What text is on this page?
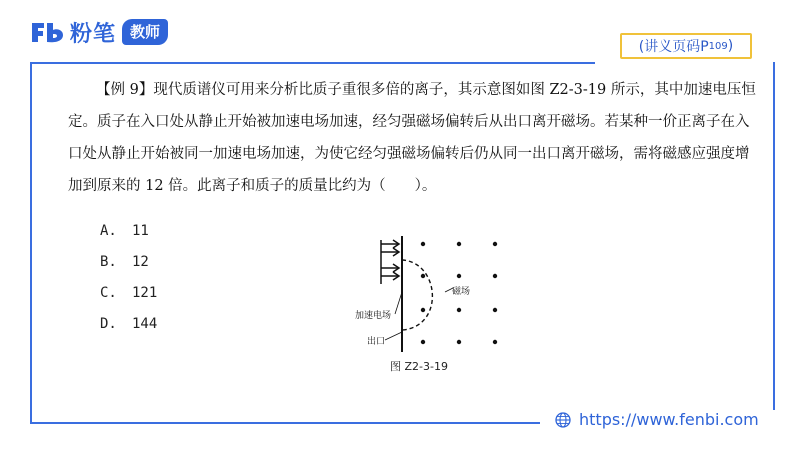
粉笔 教师
(讲义页码P 109 )

【例 9】现代质谱仪可用来分析比质子重很多倍的离子，其示意图如图 Z2-3-19 所示，其中加速电压恒定。质子在入口处从静止开始被加速电场加速，经匀强磁场偏转后从出口离开磁场。若某种一价正离子在入口处从静止开始被同一加速电场加速，为使它经匀强磁场偏转后仍从同一出口离开磁场，需将磁感应强度增加到原来的 12 倍。此离子和质子的质量比约为（　　）。

A.	11
B.	12
C.	121
D.	144	加速电场
磁场
出口
图 Z2-3-19
https://www.fenbi.com
